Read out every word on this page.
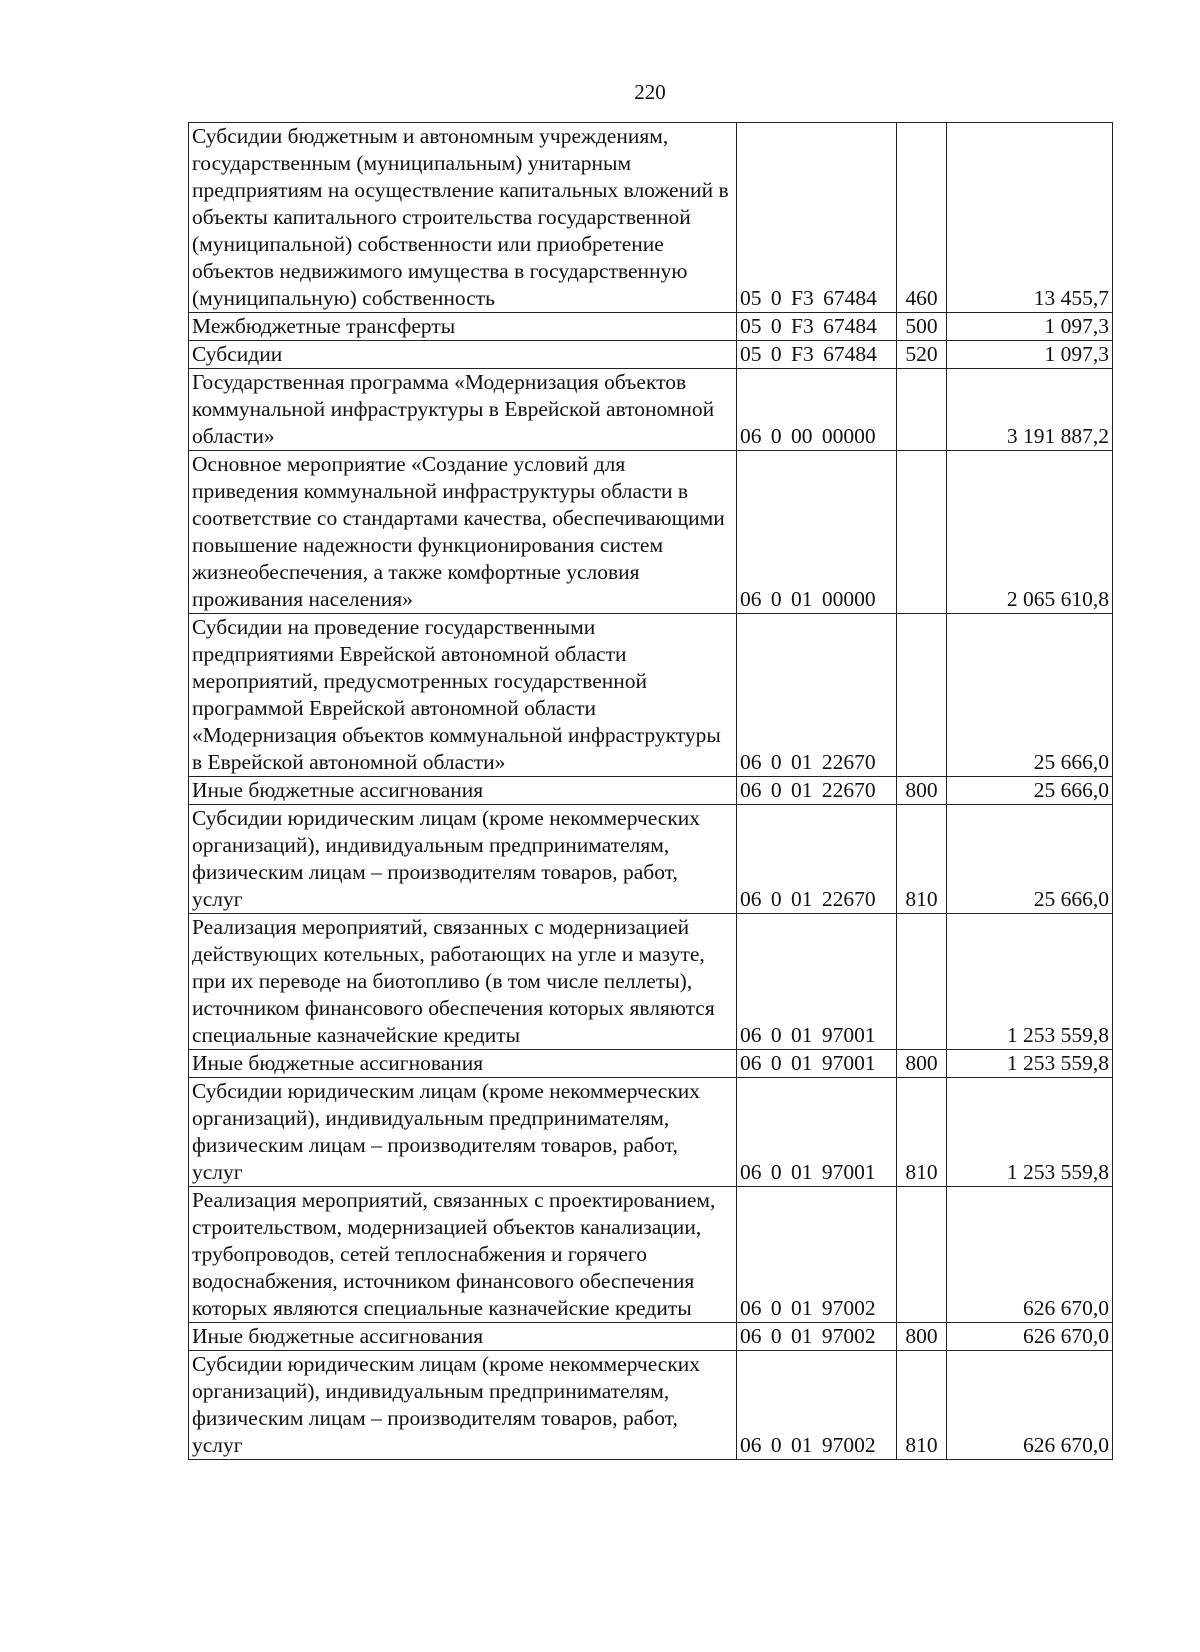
220
Субсидии бюджетным и автономным учреждениям, государственным (муниципальным) унитарным предприятиям на осуществление капитальных вложений в объекты капитального строительства государственной (муниципальной) собственности или приобретение объектов недвижимого имущества в государственную (муниципальную) собственность	05 0 F3 67484	460	13 455,7
Межбюджетные трансферты	05 0 F3 67484	500	1 097,3
Субсидии	05 0 F3 67484	520	1 097,3
Государственная программа «Модернизация объектов коммунальной инфраструктуры в Еврейской автономной области»	06 0 00 00000		3 191 887,2
Основное мероприятие «Создание условий для приведения коммунальной инфраструктуры области в соответствие со стандартами качества, обеспечивающими повышение надежности функционирования систем жизнеобеспечения, а также комфортные условия проживания населения»	06 0 01 00000		2 065 610,8
Субсидии на проведение государственными предприятиями Еврейской автономной области мероприятий, предусмотренных государственной программой Еврейской автономной области «Модернизация объектов коммунальной инфраструктуры в Еврейской автономной области»	06 0 01 22670		25 666,0
Иные бюджетные ассигнования	06 0 01 22670	800	25 666,0
Субсидии юридическим лицам (кроме некоммерческих организаций), индивидуальным предпринимателям, физическим лицам – производителям товаров, работ, услуг	06 0 01 22670	810	25 666,0
Реализация мероприятий, связанных с модернизацией действующих котельных, работающих на угле и мазуте, при их переводе на биотопливо (в том числе пеллеты), источником финансового обеспечения которых являются специальные казначейские кредиты	06 0 01 97001		1 253 559,8
Иные бюджетные ассигнования	06 0 01 97001	800	1 253 559,8
Субсидии юридическим лицам (кроме некоммерческих организаций), индивидуальным предпринимателям, физическим лицам – производителям товаров, работ, услуг	06 0 01 97001	810	1 253 559,8
Реализация мероприятий, связанных с проектированием, строительством, модернизацией объектов канализации, трубопроводов, сетей теплоснабжения и горячего водоснабжения, источником финансового обеспечения которых являются специальные казначейские кредиты	06 0 01 97002		626 670,0
Иные бюджетные ассигнования	06 0 01 97002	800	626 670,0
Субсидии юридическим лицам (кроме некоммерческих организаций), индивидуальным предпринимателям, физическим лицам – производителям товаров, работ, услуг	06 0 01 97002	810	626 670,0
